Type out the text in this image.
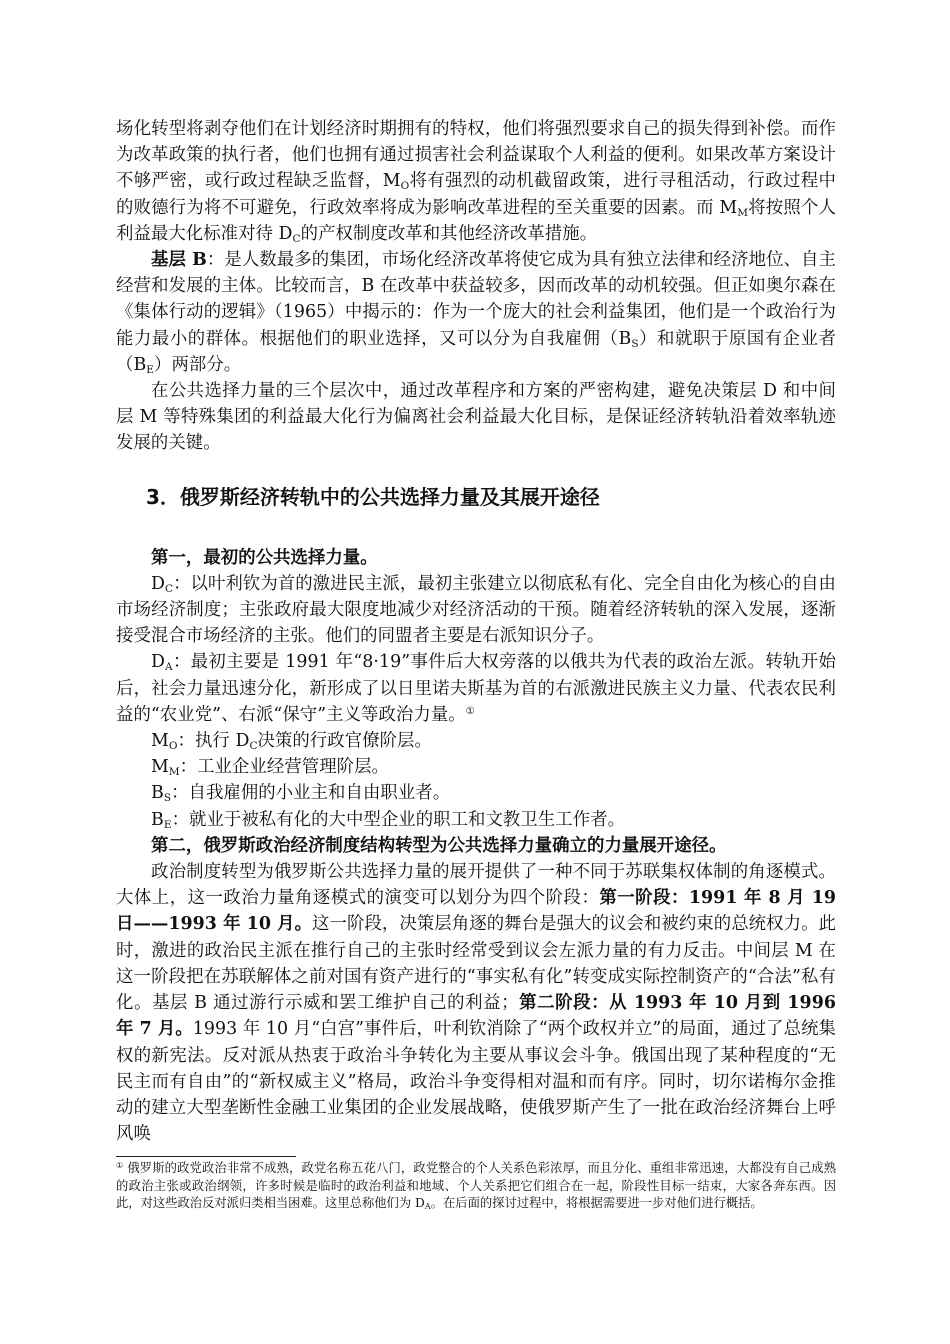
场化转型将剥夺他们在计划经济时期拥有的特权，他们将强烈要求自己的损失得到补偿。而作为改革政策的执行者，他们也拥有通过损害社会利益谋取个人利益的便利。如果改革方案设计不够严密，或行政过程缺乏监督，$M_O$将有强烈的动机截留政策，进行寻租活动，行政过程中的败德行为将不可避免，行政效率将成为影响改革进程的至关重要的因素。而 $M_M$将按照个人利益最大化标准对待 $D_C$的产权制度改革和其他经济改革措施。

基层 B：是人数最多的集团，市场化经济改革将使它成为具有独立法律和经济地位、自主经营和发展的主体。比较而言，B 在改革中获益较多，因而改革的动机较强。但正如奥尔森在《集体行动的逻辑》（1965）中揭示的：作为一个庞大的社会利益集团，他们是一个政治行为能力最小的群体。根据他们的职业选择，又可以分为自我雇佣$(B_S)$和就职于原国有企业者$(B_E)$两部分。

在公共选择力量的三个层次中，通过改革程序和方案的严密构建，避免决策层 D 和中间层 M 等特殊集团的利益最大化行为偏离社会利益最大化目标，是保证经济转轨沿着效率轨迹发展的关键。

3．俄罗斯经济转轨中的公共选择力量及其展开途径

第一，最初的公共选择力量。

$D_C$：以叶利钦为首的激进民主派，最初主张建立以彻底私有化、完全自由化为核心的自由市场经济制度；主张政府最大限度地减少对经济活动的干预。随着经济转轨的深入发展，逐渐接受混合市场经济的主张。他们的同盟者主要是右派知识分子。

$D_A$：最初主要是 1991 年“8·19”事件后大权旁落的以俄共为代表的政治左派。转轨开始后，社会力量迅速分化，新形成了以日里诺夫斯基为首的右派激进民族主义力量、代表农民利益的“农业党”、右派“保守”主义等政治力量。①

$M_O$：执行 $D_C$决策的行政官僚阶层。

$M_M$：工业企业经营管理阶层。

$B_S$：自我雇佣的小业主和自由职业者。

$B_E$：就业于被私有化的大中型企业的职工和文教卫生工作者。

第二，俄罗斯政治经济制度结构转型为公共选择力量确立的力量展开途径。

政治制度转型为俄罗斯公共选择力量的展开提供了一种不同于苏联集权体制的角逐模式。大体上，这一政治力量角逐模式的演变可以划分为四个阶段：第一阶段：1991 年 8 月 19 日——1993 年 10 月。这一阶段，决策层角逐的舞台是强大的议会和被约束的总统权力。此时，激进的政治民主派在推行自己的主张时经常受到议会左派力量的有力反击。中间层 M 在这一阶段把在苏联解体之前对国有资产进行的“事实私有化”转变成实际控制资产的“合法”私有化。基层 B 通过游行示威和罢工维护自己的利益；第二阶段：从 1993 年 10 月到 1996 年 7 月。1993 年 10 月“白宫”事件后，叶利钦消除了“两个政权并立”的局面，通过了总统集权的新宪法。反对派从热衷于政治斗争转化为主要从事议会斗争。俄国出现了某种程度的“无民主而有自由”的“新权威主义”格局，政治斗争变得相对温和而有序。同时，切尔诺梅尔金推动的建立大型垄断性金融工业集团的企业发展战略，使俄罗斯产生了一批在政治经济舞台上呼风唤

① 俄罗斯的政党政治非常不成熟，政党名称五花八门，政党整合的个人关系色彩浓厚，而且分化、重组非常迅速，大都没有自己成熟的政治主张或政治纲领，许多时候是临时的政治利益和地域、个人关系把它们组合在一起，阶段性目标一结束，大家各奔东西。因此，对这些政治反对派归类相当困难。这里总称他们为 $D_A$。在后面的探讨过程中，将根据需要进一步对他们进行概括。
